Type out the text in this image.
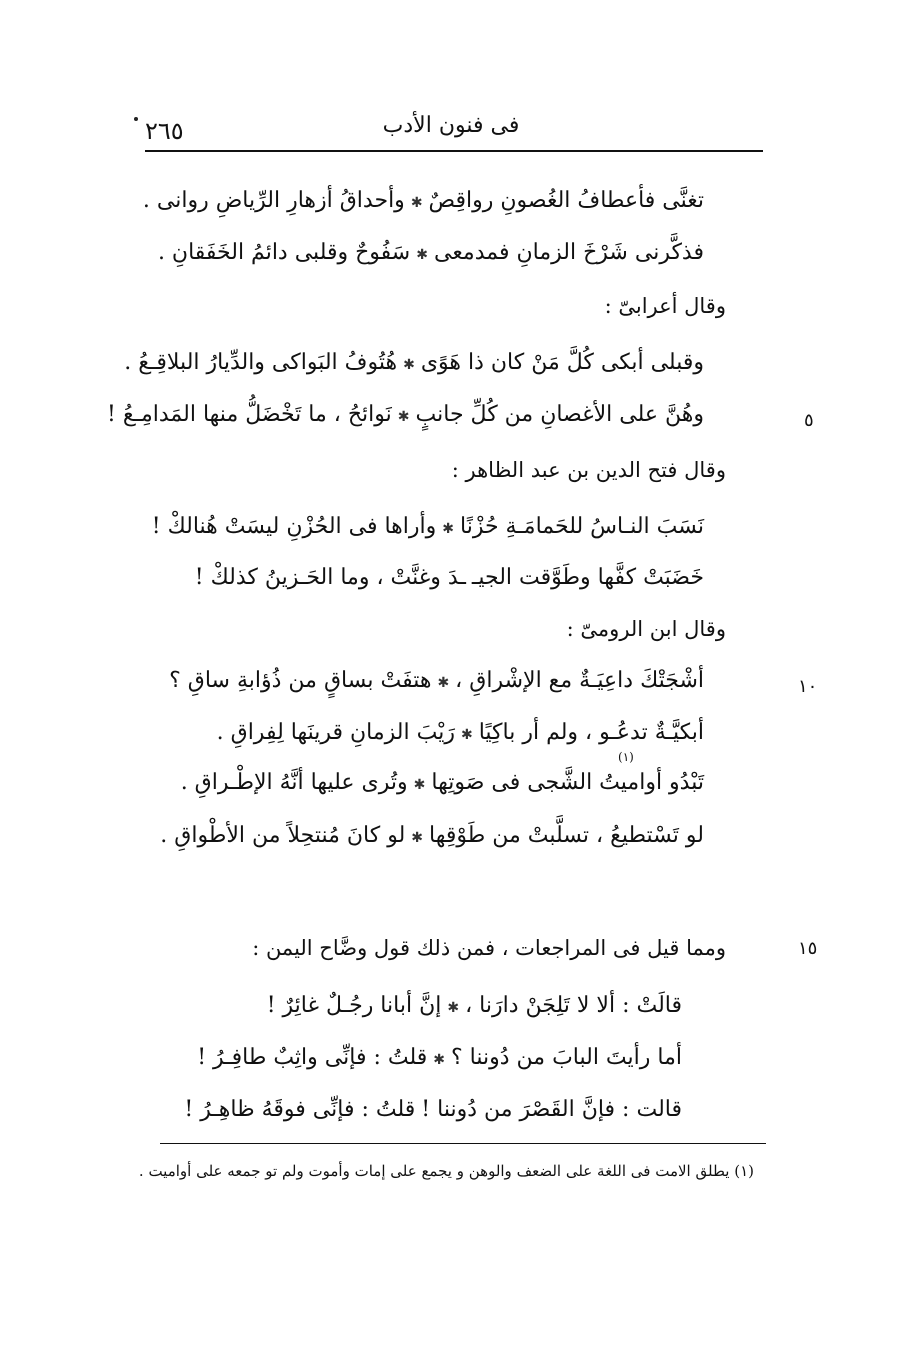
٢٦٥	فى فنون الأدب
تغنَّى فأعطافُ الغُصونِ رواقِصٌ
✱
وأحداقُ أزهارِ الرِّياضِ روانى .
فذكَّرنى شَرْخَ الزمانِ فمدمعى
✱
سَفُوحٌ وقلبى دائمُ الخَفَقانِ .
وقال أعرابىّ :
وقبلى أبكى كُلَّ مَنْ كان ذا هَوًى
✱
هُتُوفُ البَواكى والدِّيارُ البلاقِـعُ .
وهُنَّ على الأغصانِ من كُلِّ جانبٍ
✱
نَوائحُ ، ما تَخْضَلُّ منها المَدامِـعُ !	٥
وقال فتح الدين بن عبد الظاهر :
نَسَبَ النـاسُ للحَمامَـةِ حُزْنًا
✱
وأراها فى الحُزْنِ ليسَتْ هُنالكْ !
خَضَبَتْ كفَّها وطَوَّقت الجيـ
ـدَ وغنَّتْ ، وما الحَـزينُ كذلكْ !
وقال ابن الرومىّ :
أشْجَتْكَ داعِيَـةٌ مع الإشْراقِ ،
✱
هتفَتْ بساقٍ من ذُؤابةِ ساقِ ؟	١٠
أبكيَّـةٌ تدعُـو ، ولم أر باكِيًا
✱
رَيْبَ الزمانِ قرينَها لِفِراقِ .
(١)
تَبْدُو أواميتُ الشَّجى فى صَوتِها
✱
وتُرى عليها أنَّهُ الإطْـراقِ .
لو تَسْتطيعُ ، تسلَّبتْ من طَوْقِها
✱
لو كانَ مُنتحِلاً من الأطْواقِ .
ومما قيل فى المراجعات ، فمن ذلك قول وضَّاح اليمن :	١٥
قالَتْ : ألا لا تَلِجَنْ دارَنا ،
✱
إنَّ أبانا رجُـلٌ غائِرٌ !
أما رأيتَ البابَ من دُوننا ؟
✱
قلتُ : فإنِّى واثِبٌ طافِـرُ !
قالت : فإنَّ القَصْرَ من دُوننا !
قلتُ : فإنِّى فوقَهُ ظاهِـرُ !
(١) يطلق الامت فى اللغة على الضعف والوهن و يجمع على إمات وأموت ولم تو جمعه على أواميت .
